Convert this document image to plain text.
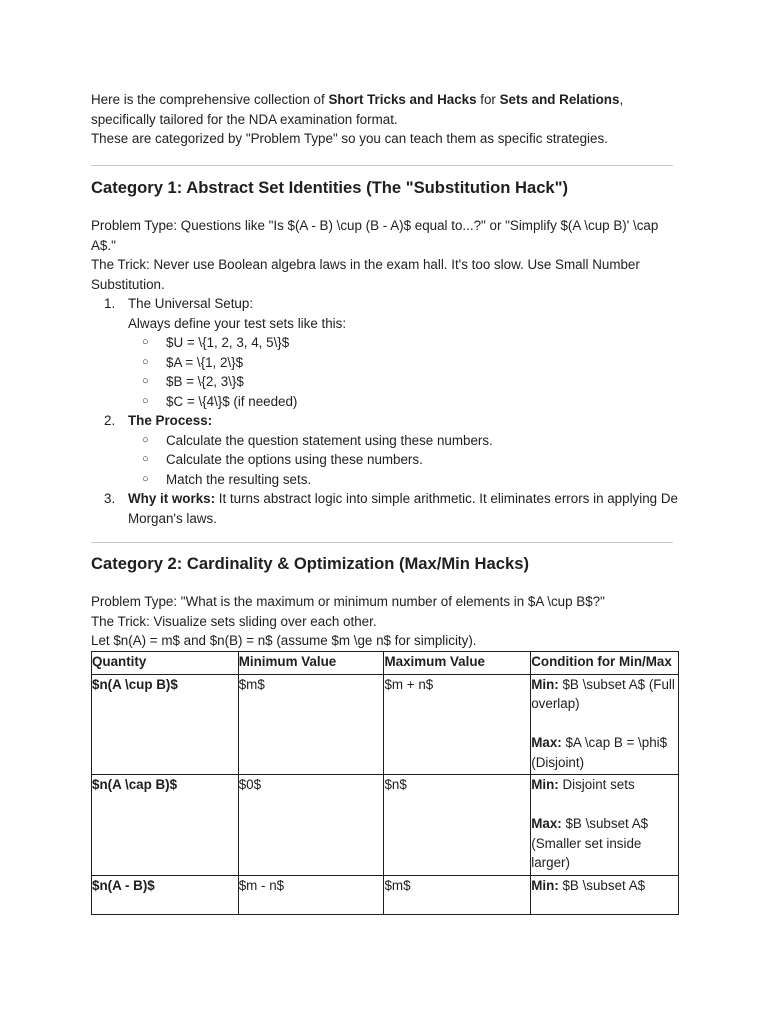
Here is the comprehensive collection of Short Tricks and Hacks for Sets and Relations,

specifically tailored for the NDA examination format.

These are categorized by "Problem Type" so you can teach them as specific strategies.

Category 1: Abstract Set Identities (The "Substitution Hack")

Problem Type: Questions like "Is $(A - B) \cup (B - A)$ equal to...?" or "Simplify $(A \cup B)' \cap A$."

The Trick: Never use Boolean algebra laws in the exam hall. It's too slow. Use Small Number Substitution.

1. The Universal Setup:
Always define your test sets like this:
○ $U = \{1, 2, 3, 4, 5\}$
○ $A = \{1, 2\}$
○ $B = \{2, 3\}$
○ $C = \{4\}$ (if needed)
2. The Process:
○ Calculate the question statement using these numbers.
○ Calculate the options using these numbers.
○ Match the resulting sets.
3. Why it works: It turns abstract logic into simple arithmetic. It eliminates errors in applying De Morgan's laws.
Category 2: Cardinality & Optimization (Max/Min Hacks)

Problem Type: "What is the maximum or minimum number of elements in $A \cup B$?"

The Trick: Visualize sets sliding over each other.

Let $n(A) = m$ and $n(B) = n$ (assume $m \ge n$ for simplicity).

Quantity	Minimum Value	Maximum Value	Condition for Min/Max
$n(A \cup B)$	$m$	$m + n$	Min: $B \subset A$ (Full overlap)
Max: $A \cap B = \phi$ (Disjoint)

$n(A \cap B)$	$0$	$n$	Min: Disjoint sets
Max: $B \subset A$ (Smaller set inside larger)

$n(A - B)$	$m - n$	$m$	Min: $B \subset A$
